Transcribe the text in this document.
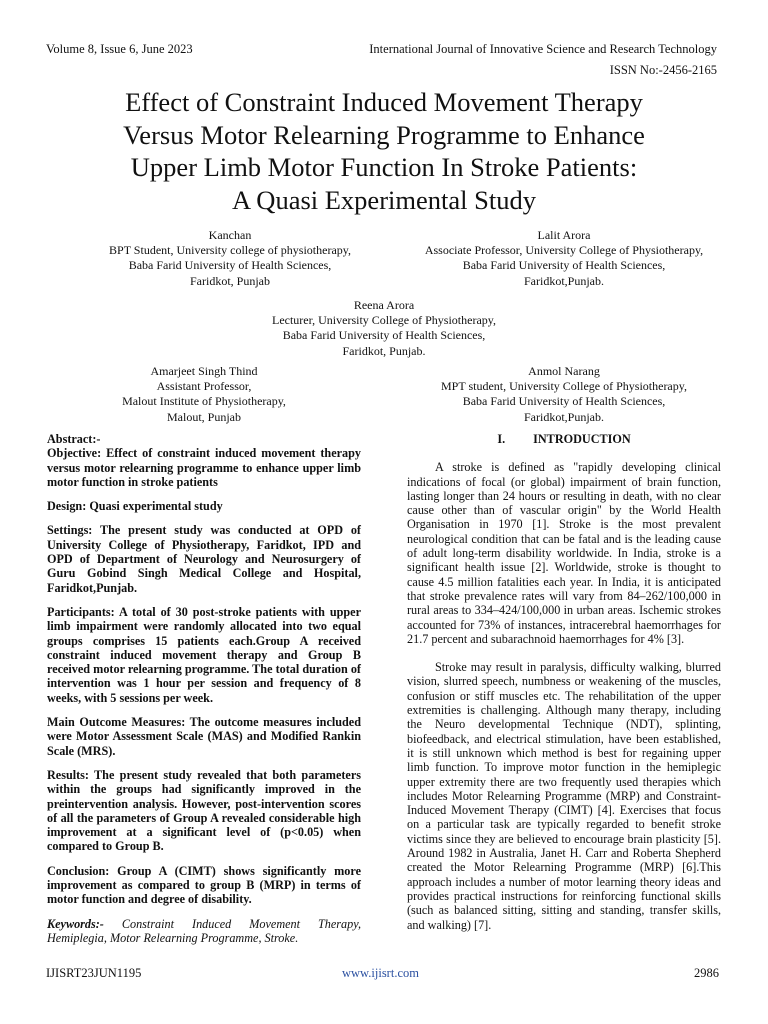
Volume 8, Issue 6, June 2023	International Journal of Innovative Science and Research Technology
ISSN No:-2456-2165
Effect of Constraint Induced Movement Therapy
Versus Motor Relearning Programme to Enhance
Upper Limb Motor Function In Stroke Patients:
A Quasi Experimental Study
Kanchan
BPT Student, University college of physiotherapy,
Baba Farid University of Health Sciences,
Faridkot, Punjab
Lalit Arora
Associate Professor, University College of Physiotherapy,
Baba Farid University of Health Sciences,
Faridkot,Punjab.
Reena Arora
Lecturer, University College of Physiotherapy,
Baba Farid University of Health Sciences,
Faridkot, Punjab.
Amarjeet Singh Thind
Assistant Professor,
Malout Institute of Physiotherapy,
Malout, Punjab
Anmol Narang
MPT student, University College of Physiotherapy,
Baba Farid University of Health Sciences,
Faridkot,Punjab.
Abstract:-

Objective: Effect of constraint induced movement therapy versus motor relearning programme to enhance upper limb motor function in stroke patients

Design: Quasi experimental study

Settings: The present study was conducted at OPD of University College of Physiotherapy, Faridkot, IPD and OPD of Department of Neurology and Neurosurgery of Guru Gobind Singh Medical College and Hospital, Faridkot,Punjab.

Participants: A total of 30 post-stroke patients with upper limb impairment were randomly allocated into two equal groups comprises 15 patients each.Group A received constraint induced movement therapy and Group B received motor relearning programme. The total duration of intervention was 1 hour per session and frequency of 8 weeks, with 5 sessions per week.

Main Outcome Measures: The outcome measures included were Motor Assessment Scale (MAS) and Modified Rankin Scale (MRS).

Results: The present study revealed that both parameters within the groups had significantly improved in the preintervention analysis. However, post-intervention scores of all the parameters of Group A revealed considerable high improvement at a significant level of (p<0.05) when compared to Group B.

Conclusion: Group A (CIMT) shows significantly more improvement as compared to group B (MRP) in terms of motor function and degree of disability.

Keywords:- Constraint Induced Movement Therapy, Hemiplegia, Motor Relearning Programme, Stroke.

I. INTRODUCTION

A stroke is defined as "rapidly developing clinical indications of focal (or global) impairment of brain function, lasting longer than 24 hours or resulting in death, with no clear cause other than of vascular origin" by the World Health Organisation in 1970 [1]. Stroke is the most prevalent neurological condition that can be fatal and is the leading cause of adult long-term disability worldwide. In India, stroke is a significant health issue [2]. Worldwide, stroke is thought to cause 4.5 million fatalities each year. In India, it is anticipated that stroke prevalence rates will vary from 84–262/100,000 in rural areas to 334–424/100,000 in urban areas. Ischemic strokes accounted for 73% of instances, intracerebral haemorrhages for 21.7 percent and subarachnoid haemorrhages for 4% [3].

Stroke may result in paralysis, difficulty walking, blurred vision, slurred speech, numbness or weakening of the muscles, confusion or stiff muscles etc. The rehabilitation of the upper extremities is challenging. Although many therapy, including the Neuro developmental Technique (NDT), splinting, biofeedback, and electrical stimulation, have been established, it is still unknown which method is best for regaining upper limb function. To improve motor function in the hemiplegic upper extremity there are two frequently used therapies which includes Motor Relearning Programme (MRP) and Constraint-Induced Movement Therapy (CIMT) [4]. Exercises that focus on a particular task are typically regarded to benefit stroke victims since they are believed to encourage brain plasticity [5]. Around 1982 in Australia, Janet H. Carr and Roberta Shepherd created the Motor Relearning Programme (MRP) [6].This approach includes a number of motor learning theory ideas and provides practical instructions for reinforcing functional skills (such as balanced sitting, sitting and standing, transfer skills, and walking) [7].

IJISRT23JUN1195	www.ijisrt.com	2986
